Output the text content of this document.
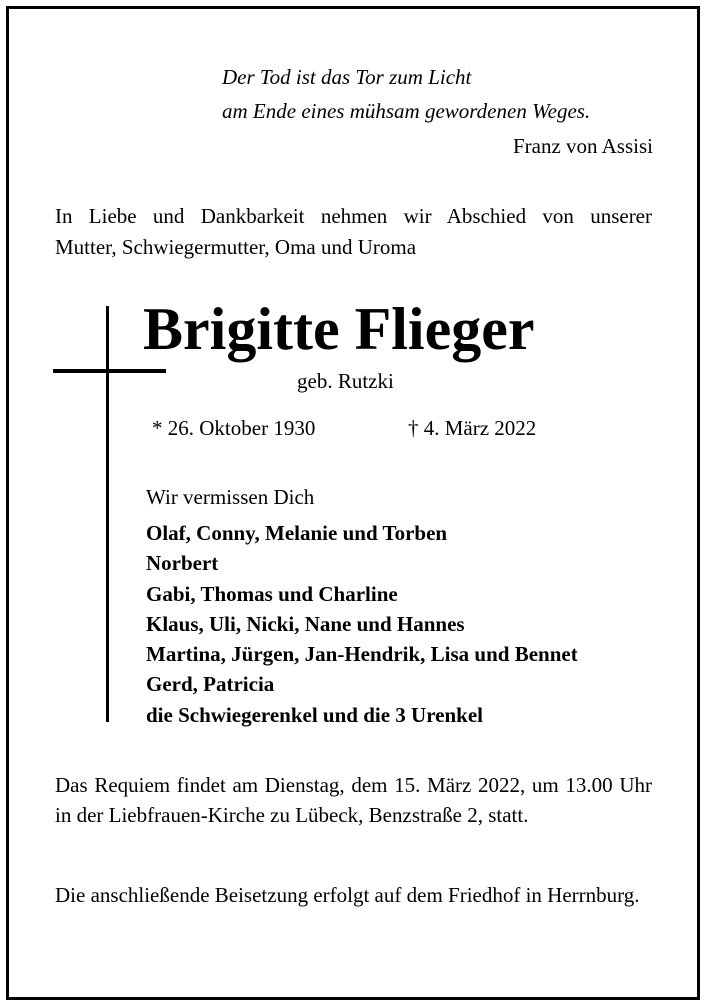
Der Tod ist das Tor zum Licht
am Ende eines mühsam gewordenen Weges.
Franz von Assisi
In Liebe und Dankbarkeit nehmen wir Abschied von unserer
Mutter, Schwiegermutter, Oma und Uroma
Brigitte Flieger
geb. Rutzki
* 26. Oktober 1930	† 4. März 2022
Wir vermissen Dich
Olaf, Conny, Melanie und Torben
Norbert
Gabi, Thomas und Charline
Klaus, Uli, Nicki, Nane und Hannes
Martina, Jürgen, Jan-Hendrik, Lisa und Bennet
Gerd, Patricia
die Schwiegerenkel und die 3 Urenkel
Das Requiem findet am Dienstag, dem 15. März 2022, um 13.00 Uhr in der Liebfrauen-Kirche zu Lübeck, Benzstraße 2, statt.
Die anschließende Beisetzung erfolgt auf dem Friedhof in Herrnburg.
